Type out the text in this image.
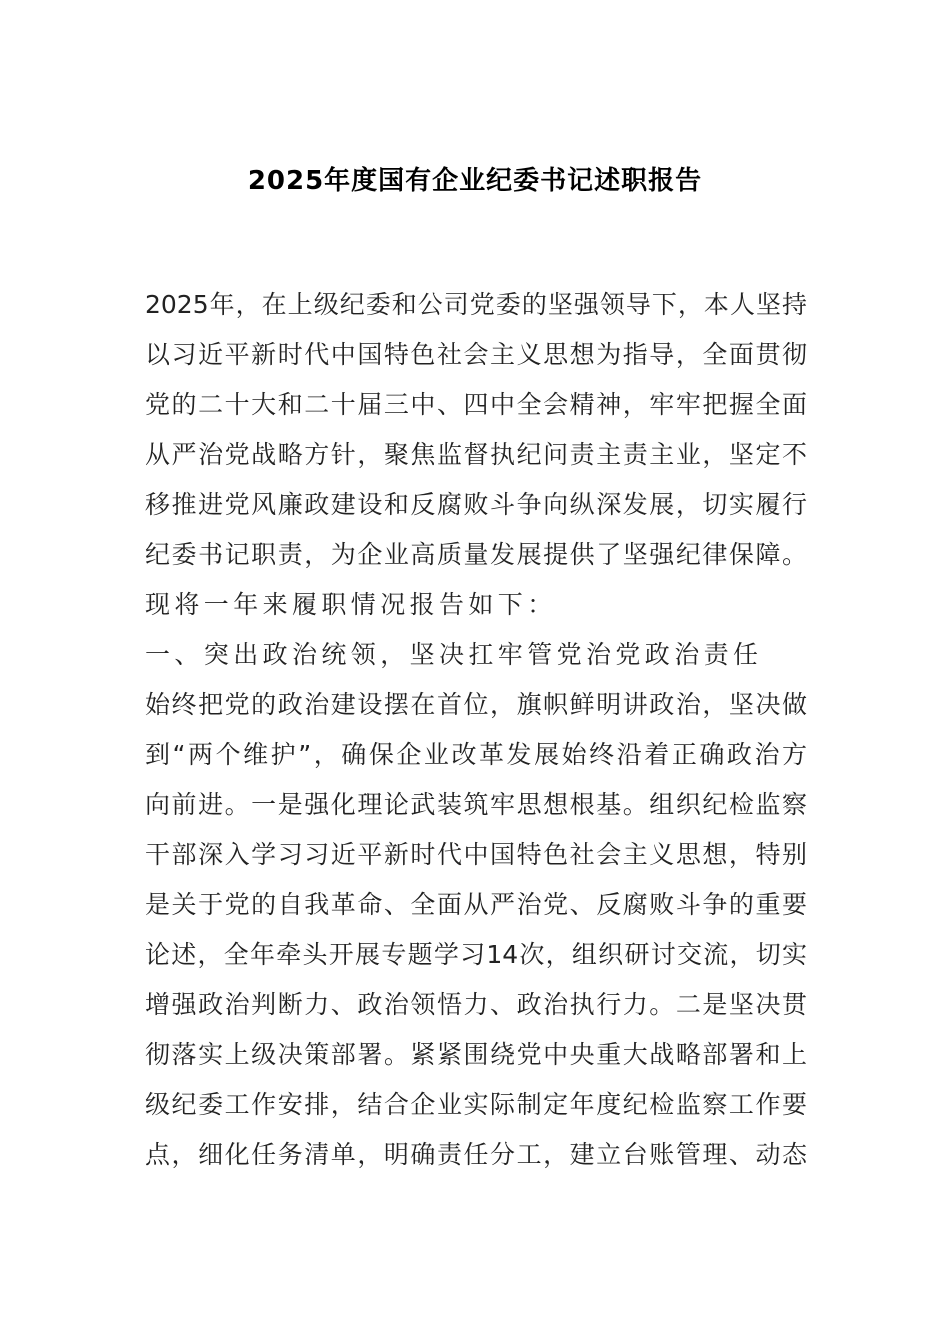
2025年度国有企业纪委书记述职报告
2025年，在上级纪委和公司党委的坚强领导下，本人坚持
以习近平新时代中国特色社会主义思想为指导，全面贯彻
党的二十大和二十届三中、四中全会精神，牢牢把握全面
从严治党战略方针，聚焦监督执纪问责主责主业，坚定不
移推进党风廉政建设和反腐败斗争向纵深发展，切实履行
纪委书记职责，为企业高质量发展提供了坚强纪律保障。
现将一年来履职情况报告如下：
一、突出政治统领，坚决扛牢管党治党政治责任
始终把党的政治建设摆在首位，旗帜鲜明讲政治，坚决做
到“两个维护”，确保企业改革发展始终沿着正确政治方
向前进。一是强化理论武装筑牢思想根基。组织纪检监察
干部深入学习习近平新时代中国特色社会主义思想，特别
是关于党的自我革命、全面从严治党、反腐败斗争的重要
论述，全年牵头开展专题学习14次，组织研讨交流，切实
增强政治判断力、政治领悟力、政治执行力。二是坚决贯
彻落实上级决策部署。紧紧围绕党中央重大战略部署和上
级纪委工作安排，结合企业实际制定年度纪检监察工作要
点，细化任务清单，明确责任分工，建立台账管理、动态
